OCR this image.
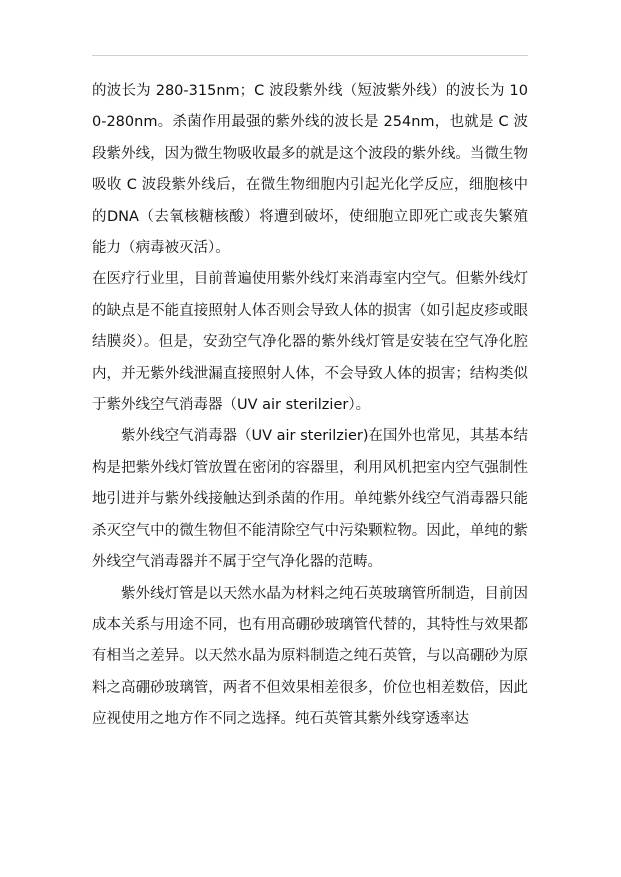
的波长为 280-315nm；C 波段紫外线（短波紫外线）的波长为 100-280nm。杀菌作用最强的紫外线的波长是 254nm，也就是 C 波段紫外线，因为微生物吸收最多的就是这个波段的紫外线。当微生物吸收 C 波段紫外线后，在微生物细胞内引起光化学反应，细胞核中的DNA（去氧核糖核酸）将遭到破坏，使细胞立即死亡或丧失繁殖能力（病毒被灭活）。

在医疗行业里，目前普遍使用紫外线灯来消毒室内空气。但紫外线灯的缺点是不能直接照射人体否则会导致人体的损害（如引起皮疹或眼结膜炎）。但是，安劲空气净化器的紫外线灯管是安装在空气净化腔内，并无紫外线泄漏直接照射人体，不会导致人体的损害；结构类似于紫外线空气消毒器（UV air sterilzier）。

紫外线空气消毒器（UV air sterilzier)在国外也常见，其基本结构是把紫外线灯管放置在密闭的容器里，利用风机把室内空气强制性地引进并与紫外线接触达到杀菌的作用。单纯紫外线空气消毒器只能杀灭空气中的微生物但不能清除空气中污染颗粒物。因此，单纯的紫外线空气消毒器并不属于空气净化器的范畴。

紫外线灯管是以天然水晶为材料之纯石英玻璃管所制造，目前因成本关系与用途不同，也有用高硼砂玻璃管代替的，其特性与效果都有相当之差异。以天然水晶为原料制造之纯石英管，与以高硼砂为原料之高硼砂玻璃管，两者不但效果相差很多，价位也相差数倍，因此应视使用之地方作不同之选择。纯石英管其紫外线穿透率达
